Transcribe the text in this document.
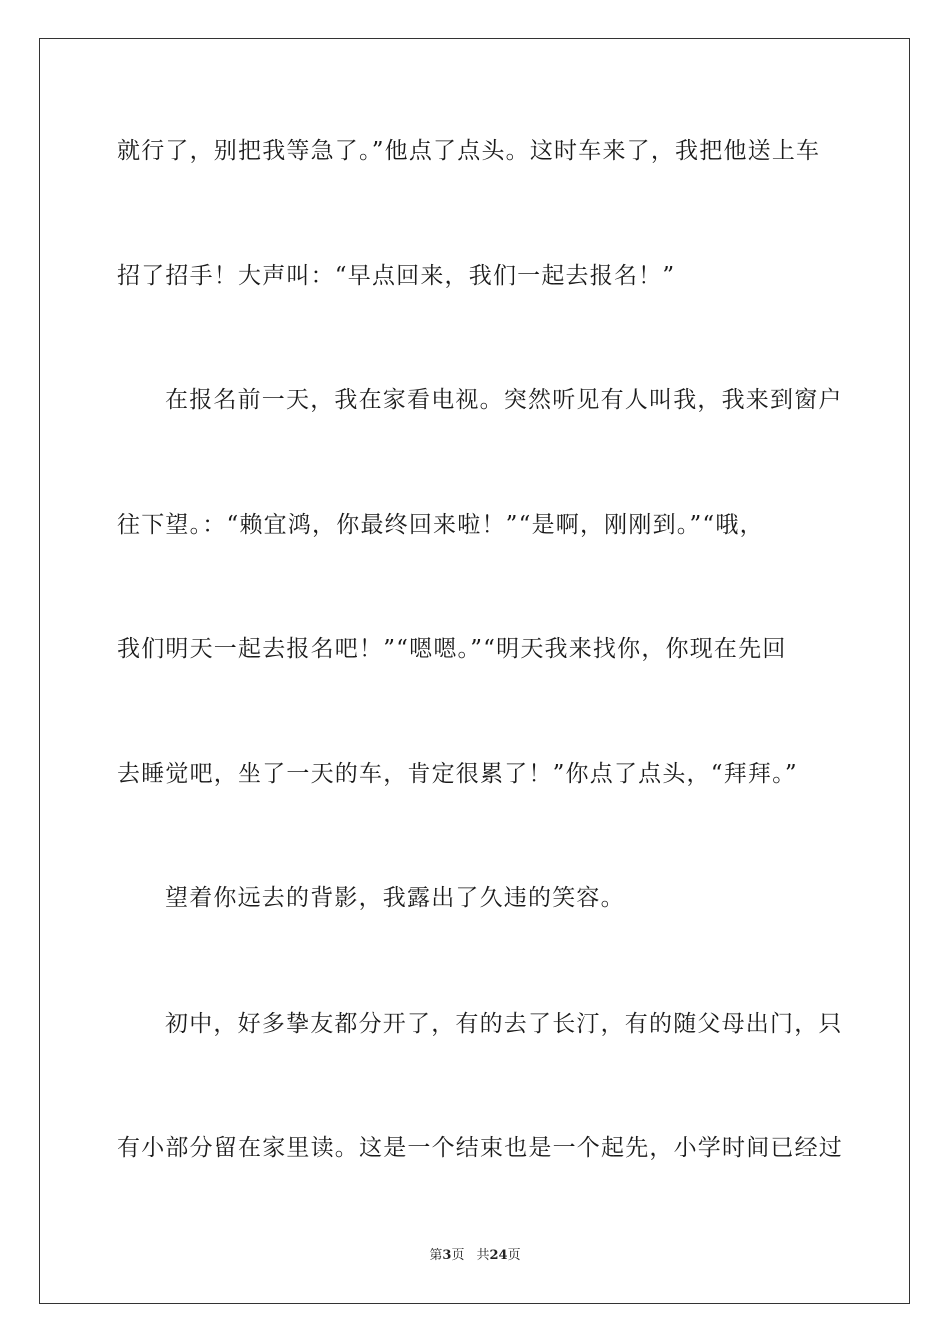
就行了，别把我等急了。”他点了点头。这时车来了，我把他送上车
招了招手！大声叫：“早点回来，我们一起去报名！”
在报名前一天，我在家看电视。突然听见有人叫我，我来到窗户
往下望。：“赖宜鸿，你最终回来啦！”“是啊，刚刚到。”“哦，
我们明天一起去报名吧！”“嗯嗯。”“明天我来找你，你现在先回
去睡觉吧，坐了一天的车，肯定很累了！”你点了点头，“拜拜。”
望着你远去的背影，我露出了久违的笑容。
初中，好多挚友都分开了，有的去了长汀，有的随父母出门，只
有小部分留在家里读。这是一个结束也是一个起先，小学时间已经过
第3页 共24页
